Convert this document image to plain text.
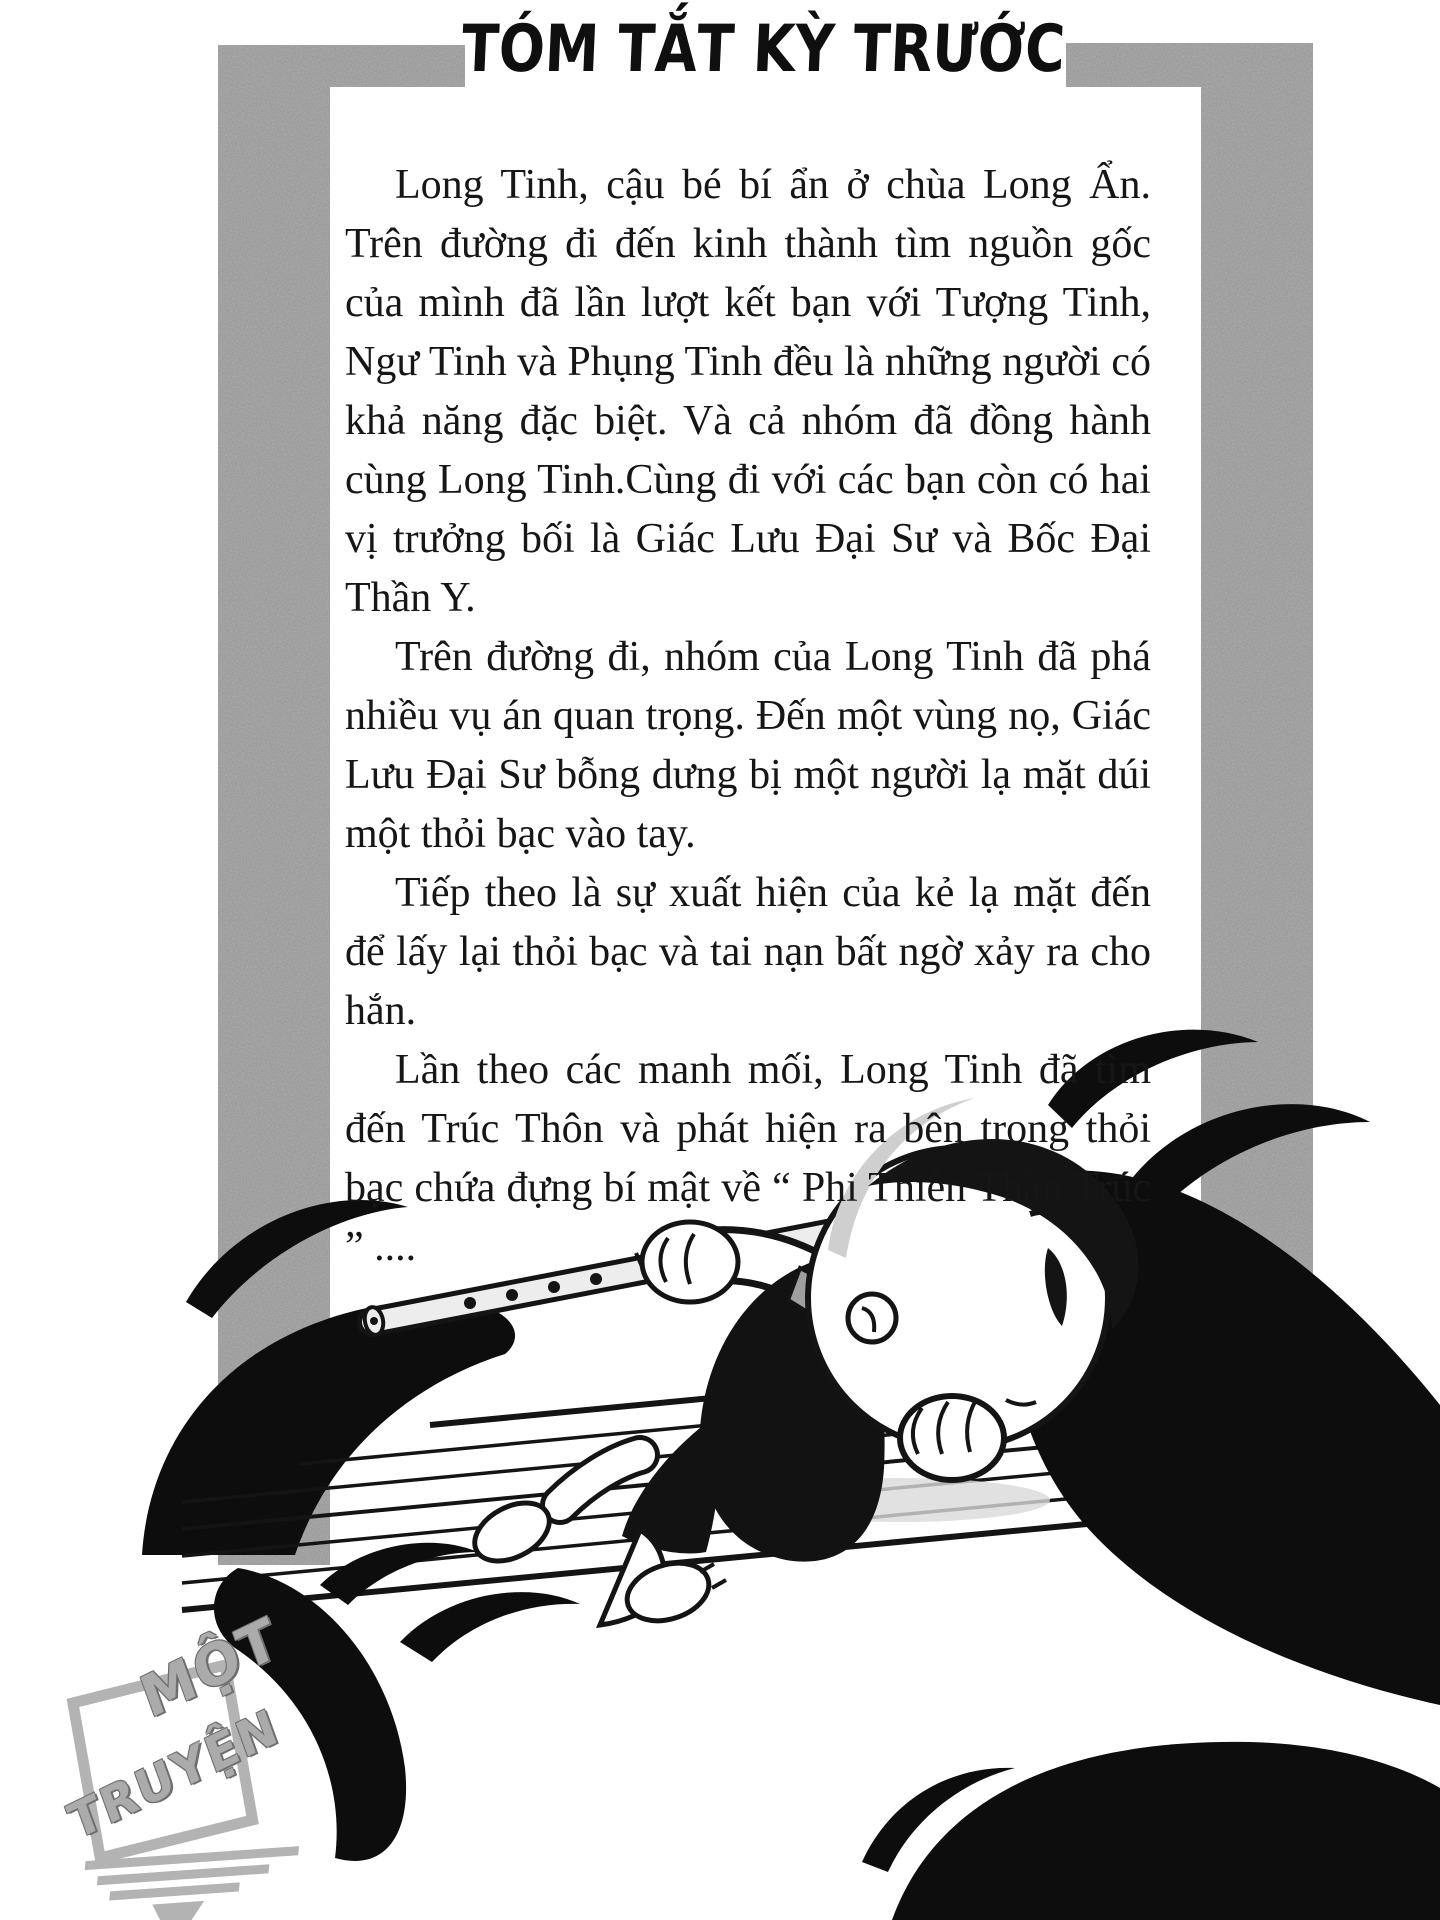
TÓM TẮT KỲ TRƯỚC

Long Tinh, cậu bé bí ẩn ở chùa Long Ẩn. Trên đường đi đến kinh thành tìm nguồn gốc của mình đã lần lượt kết bạn với Tượng Tinh, Ngư Tinh và Phụng Tinh đều là những người có khả năng đặc biệt. Và cả nhóm đã đồng hành cùng Long Tinh.Cùng đi với các bạn còn có hai vị trưởng bối là Giác Lưu Đại Sư và Bốc Đại Thần Y.

Trên đường đi, nhóm của Long Tinh đã phá nhiều vụ án quan trọng. Đến một vùng nọ, Giác Lưu Đại Sư bỗng dưng bị một người lạ mặt dúi một thỏi bạc vào tay.

Tiếp theo là sự xuất hiện của kẻ lạ mặt đến để lấy lại thỏi bạc và tai nạn bất ngờ xảy ra cho hắn.

Lần theo các manh mối, Long Tinh đã tìm đến Trúc Thôn và phát hiện ra bên trong thỏi bạc chứa đựng bí mật về “ Phi Thiên Thần Trúc ” ....

MỘT
TRUYỆN
